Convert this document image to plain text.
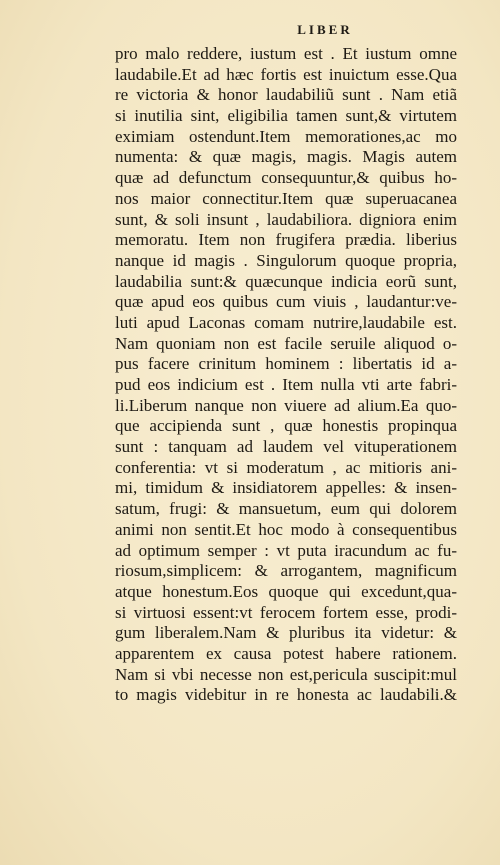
LIBER
pro malo reddere, iustum est . Et iustum omne
laudabile.Et ad hæc fortis est inuictum esse.Qua
re victoria & honor laudabiliũ sunt . Nam etiã
si inutilia sint, eligibilia tamen sunt,& virtutem
eximiam ostendunt.Item memorationes,ac mo
numenta: & quæ magis, magis. Magis autem
quæ ad defunctum consequuntur,& quibus ho‑
nos maior connectitur.Item quæ superuacanea
sunt, & soli insunt , laudabiliora. digniora enim
memoratu. Item non frugifera prædia. liberius
nanque id magis . Singulorum quoque propria,
laudabilia sunt:& quæcunque indicia eorũ sunt,
quæ apud eos quibus cum viuis , laudantur:ve‑
luti apud Laconas comam nutrire,laudabile est.
Nam quoniam non est facile seruile aliquod o‑
pus facere crinitum hominem : libertatis id a‑
pud eos indicium est . Item nulla vti arte fabri‑
li.Liberum nanque non viuere ad alium.Ea quo‑
que accipienda sunt , quæ honestis propinqua
sunt : tanquam ad laudem vel vituperationem
conferentia: vt si moderatum , ac mitioris ani‑
mi, timidum & insidiatorem appelles: & insen‑
satum, frugi: & mansuetum, eum qui dolorem
animi non sentit.Et hoc modo à consequentibus
ad optimum semper : vt puta iracundum ac fu‑
riosum,simplicem: & arrogantem, magnificum
atque honestum.Eos quoque qui excedunt,qua‑
si virtuosi essent:vt ferocem fortem esse, prodi‑
gum liberalem.Nam & pluribus ita videtur: &
apparentem ex causa potest habere rationem.
Nam si vbi necesse non est,pericula suscipit:mul
to magis videbitur in re honesta ac laudabili.&
